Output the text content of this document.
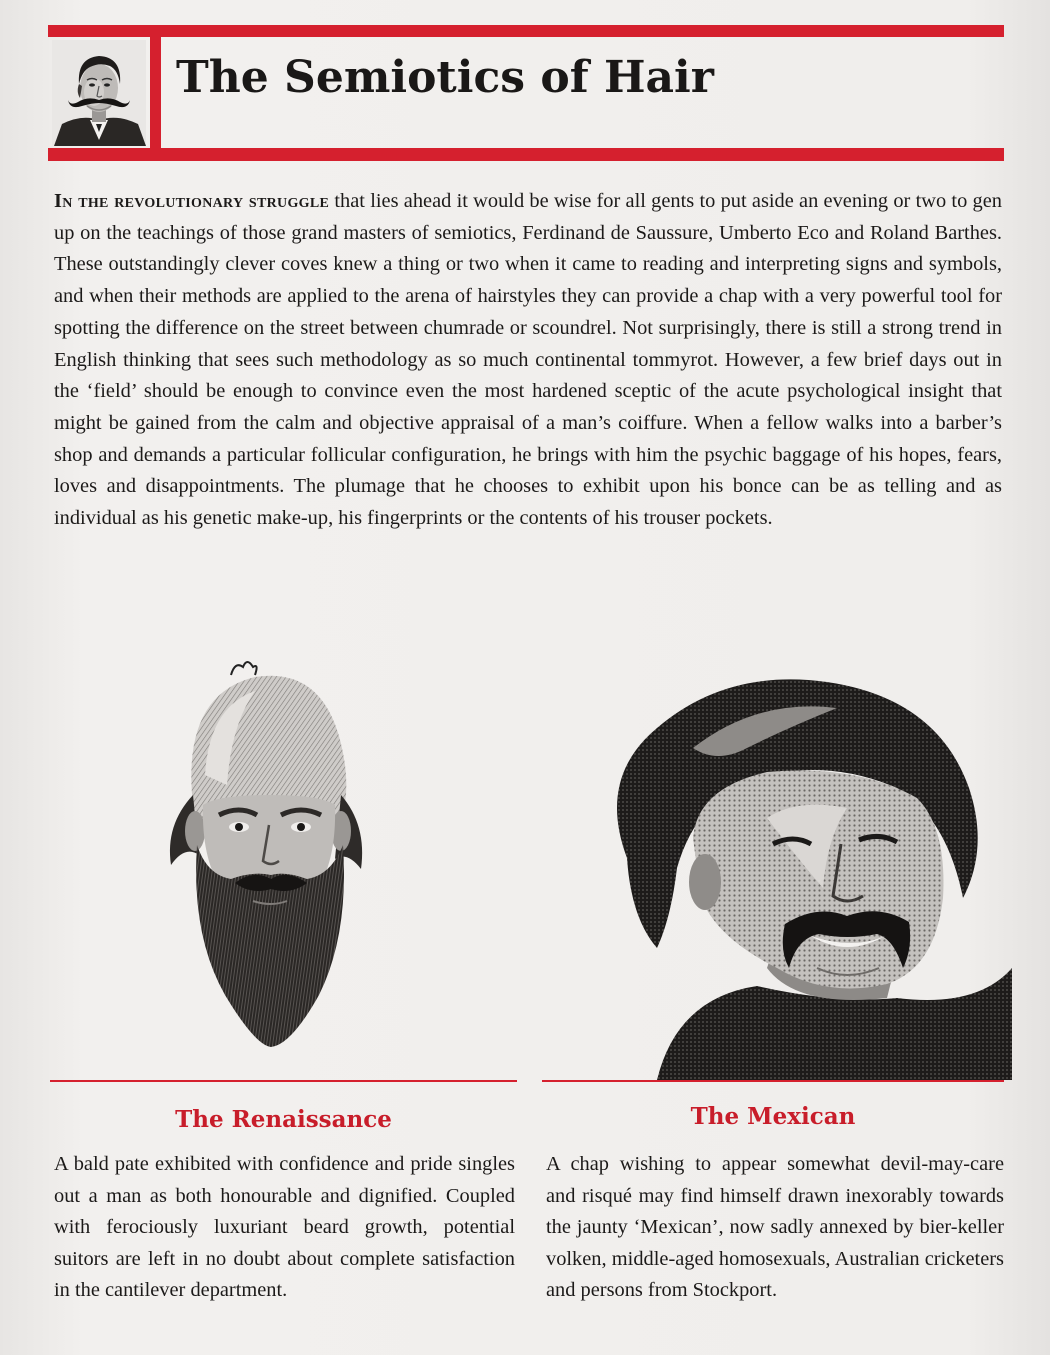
The Semiotics of Hair

In the revolutionary struggle that lies ahead it would be wise for all gents to put aside an evening or two to gen up on the teachings of those grand masters of semiotics, Ferdinand de Saussure, Umberto Eco and Roland Barthes. These outstandingly clever coves knew a thing or two when it came to reading and interpreting signs and symbols, and when their methods are applied to the arena of hairstyles they can provide a chap with a very powerful tool for spotting the difference on the street between chumrade or scoundrel. Not surprisingly, there is still a strong trend in English thinking that sees such methodology as so much continental tommyrot. However, a few brief days out in the ‘field’ should be enough to convince even the most hardened sceptic of the acute psychological insight that might be gained from the calm and objective appraisal of a man’s coiffure. When a fellow walks into a barber’s shop and demands a particular follicular configuration, he brings with him the psychic baggage of his hopes, fears, loves and disappointments. The plumage that he chooses to exhibit upon his bonce can be as telling and as individual as his genetic make-up, his fingerprints or the contents of his trouser pockets.

The Renaissance	The Mexican

A bald pate exhibited with confidence and pride singles out a man as both honourable and dignified. Coupled with ferociously luxuriant beard growth, potential suitors are left in no doubt about complete satisfaction in the cantilever department.

A chap wishing to appear somewhat devil-may-care and risqué may find himself drawn inexorably towards the jaunty ‘Mexican’, now sadly annexed by bier-keller volken, middle-aged homosexuals, Australian cricketers and persons from Stockport.
